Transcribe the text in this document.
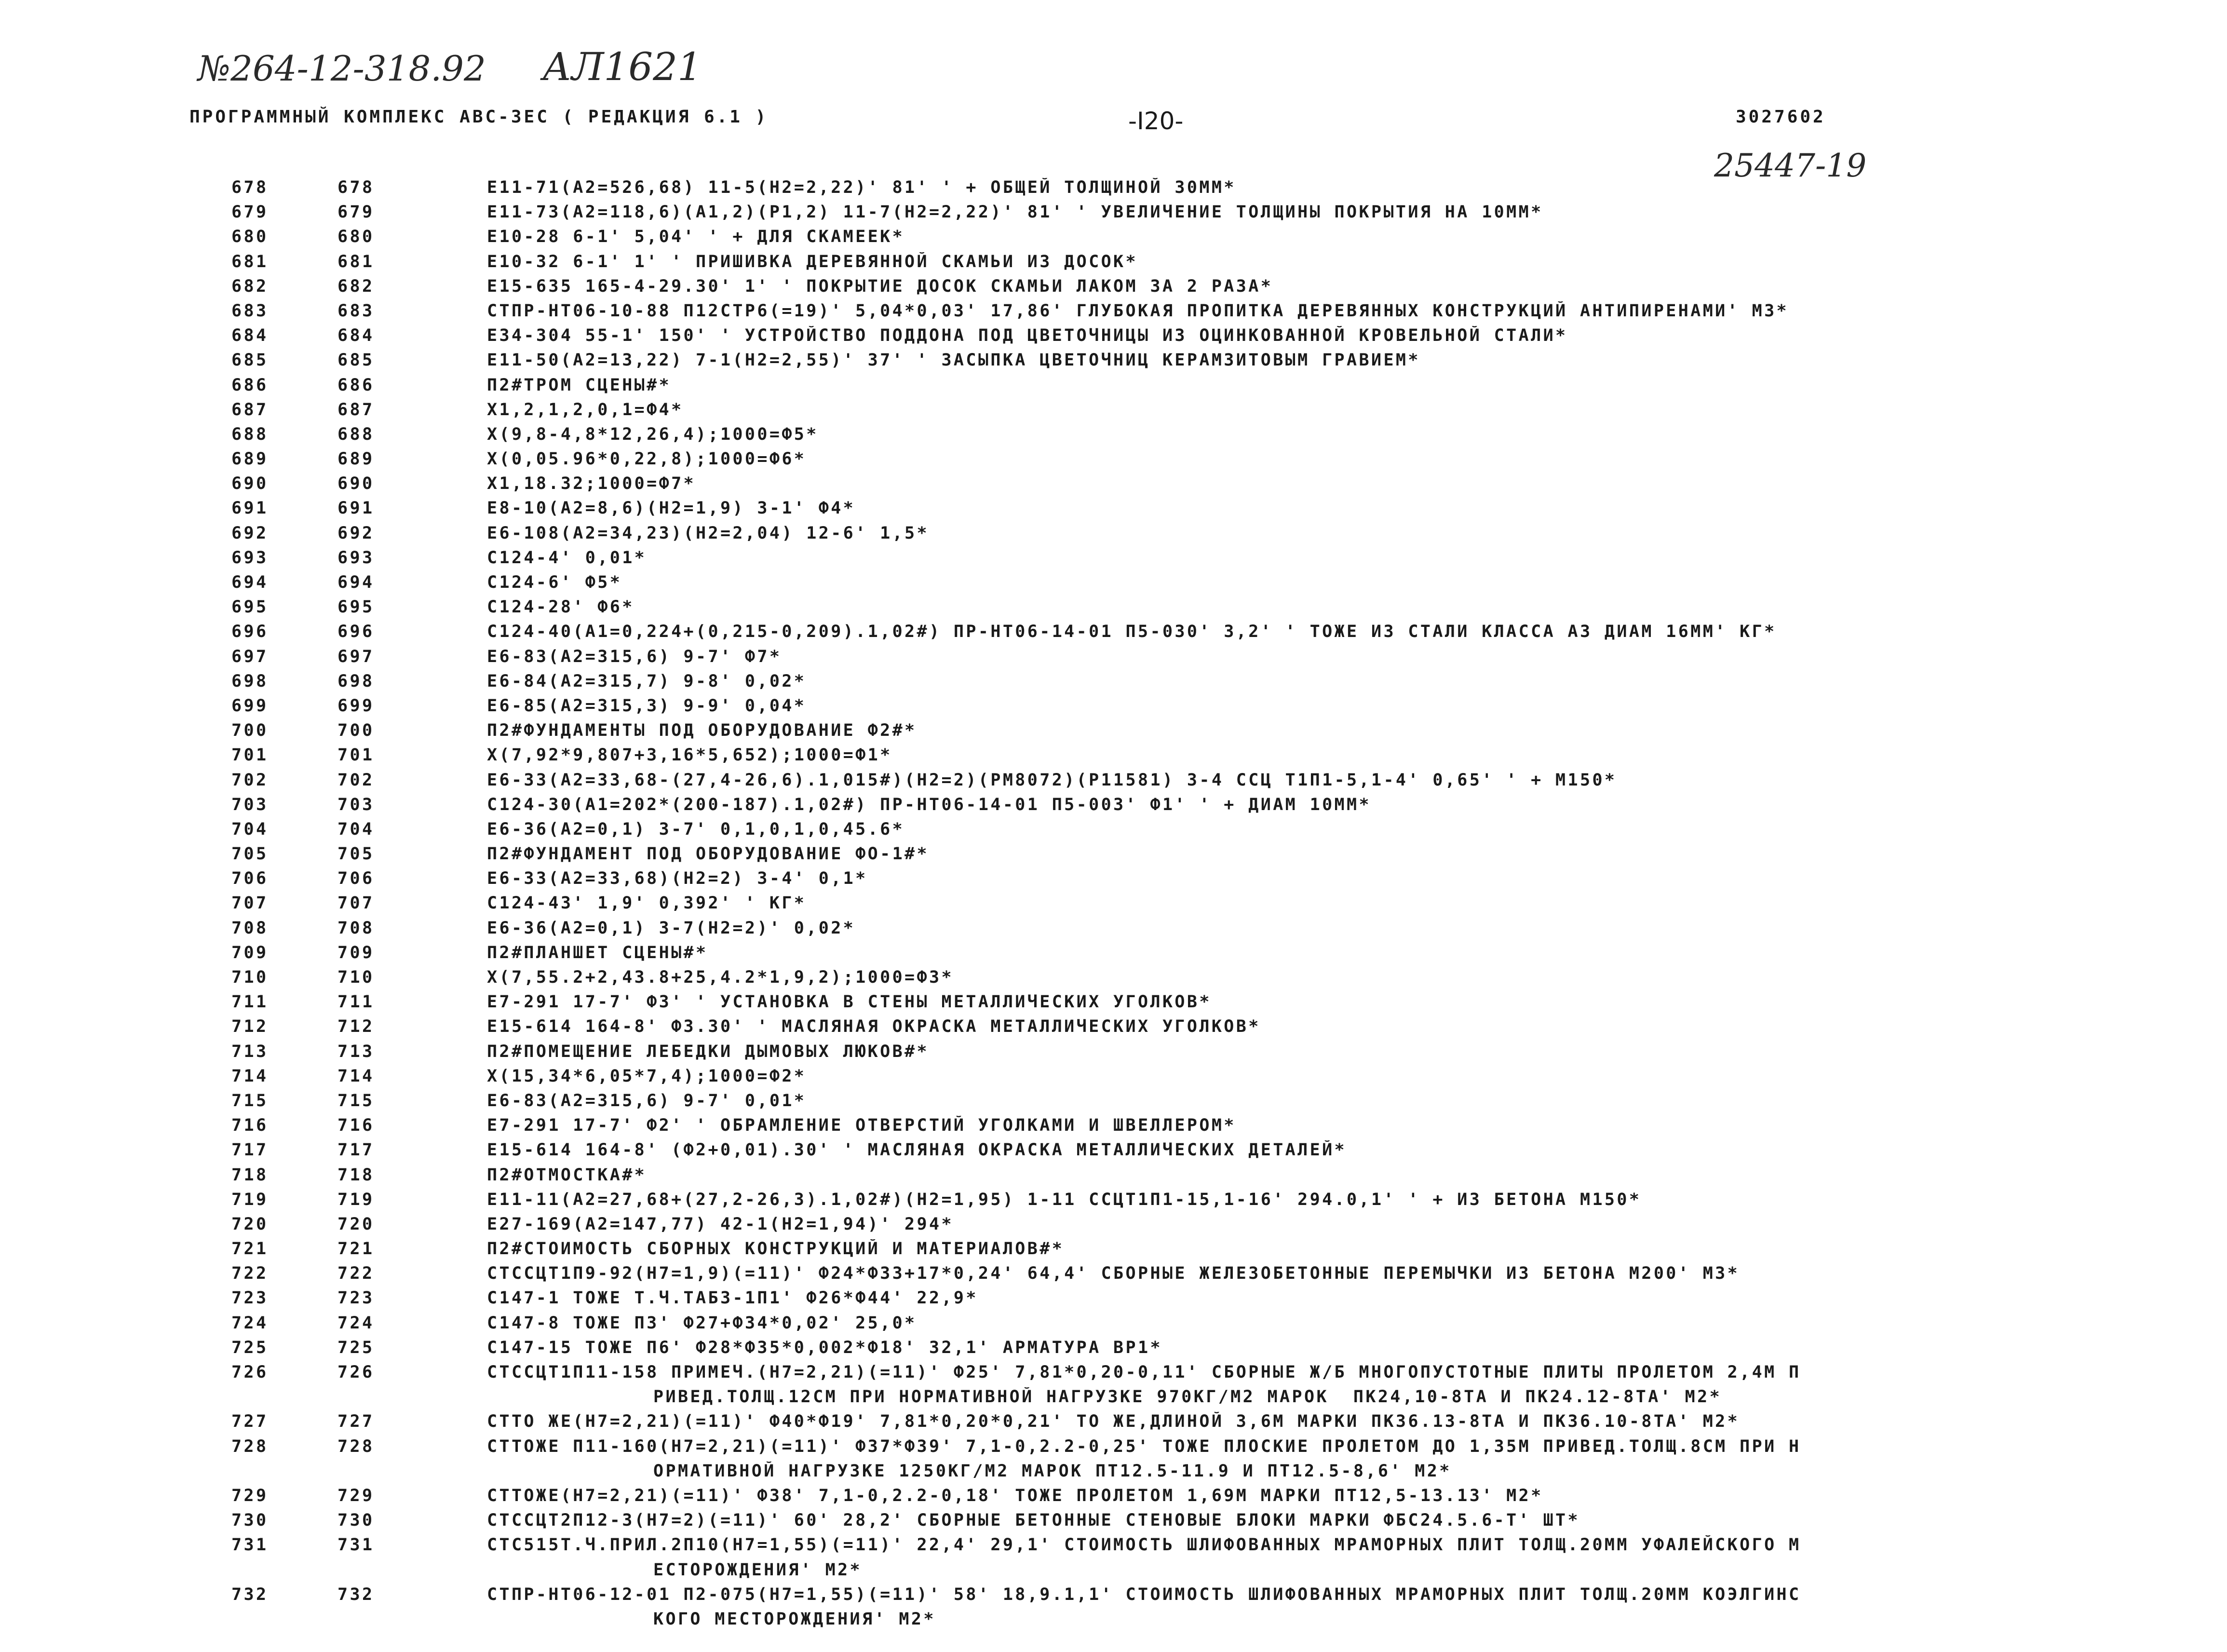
№264-12-318.92 АЛ1621
ПРОГРАММНЫЙ КОМПЛЕКС АВС-ЗЕС ( РЕДАКЦИЯ 6.1 )	-I20-	3027602
25447-19
678	678	Е11-71(А2=526,68) 11-5(Н2=2,22)' 81' ' + ОБЩЕЙ ТОЛЩИНОЙ 30ММ*
679	679	Е11-73(А2=118,6)(А1,2)(Р1,2) 11-7(Н2=2,22)' 81' ' УВЕЛИЧЕНИЕ ТОЛЩИНЫ ПОКРЫТИЯ НА 10ММ*
680	680	Е10-28 6-1' 5,04' ' + ДЛЯ СКАМЕЕК*
681	681	Е10-32 6-1' 1' ' ПРИШИВКА ДЕРЕВЯННОЙ СКАМЬИ ИЗ ДОСОК*
682	682	Е15-635 165-4-29.30' 1' ' ПОКРЫТИЕ ДОСОК СКАМЬИ ЛАКОМ ЗА 2 РАЗА*
683	683	СТПР-НТ06-10-88 П12СТР6(=19)' 5,04*0,03' 17,86' ГЛУБОКАЯ ПРОПИТКА ДЕРЕВЯННЫХ КОНСТРУКЦИЙ АНТИПИРЕНАМИ' М3*
684	684	Е34-304 55-1' 150' ' УСТРОЙСТВО ПОДДОНА ПОД ЦВЕТОЧНИЦЫ ИЗ ОЦИНКОВАННОЙ КРОВЕЛЬНОЙ СТАЛИ*
685	685	Е11-50(А2=13,22) 7-1(Н2=2,55)' 37' ' ЗАСЫПКА ЦВЕТОЧНИЦ КЕРАМЗИТОВЫМ ГРАВИЕМ*
686	686	П2#ТРОМ СЦЕНЫ#*
687	687	Х1,2,1,2,0,1=Ф4*
688	688	Х(9,8-4,8*12,26,4);1000=Ф5*
689	689	Х(0,05.96*0,22,8);1000=Ф6*
690	690	Х1,18.32;1000=Ф7*
691	691	Е8-10(А2=8,6)(Н2=1,9) 3-1' Ф4*
692	692	Е6-108(А2=34,23)(Н2=2,04) 12-6' 1,5*
693	693	С124-4' 0,01*
694	694	С124-6' Ф5*
695	695	С124-28' Ф6*
696	696	С124-40(А1=0,224+(0,215-0,209).1,02#) ПР-НТ06-14-01 П5-030' 3,2' ' ТОЖЕ ИЗ СТАЛИ КЛАССА А3 ДИАМ 16ММ' КГ*
697	697	Е6-83(А2=315,6) 9-7' Ф7*
698	698	Е6-84(А2=315,7) 9-8' 0,02*
699	699	Е6-85(А2=315,3) 9-9' 0,04*
700	700	П2#ФУНДАМЕНТЫ ПОД ОБОРУДОВАНИЕ Ф2#*
701	701	Х(7,92*9,807+3,16*5,652);1000=Ф1*
702	702	Е6-33(А2=33,68-(27,4-26,6).1,015#)(Н2=2)(РМ8072)(Р11581) 3-4 ССЦ Т1П1-5,1-4' 0,65' ' + М150*
703	703	С124-30(А1=202*(200-187).1,02#) ПР-НТ06-14-01 П5-003' Ф1' ' + ДИАМ 10ММ*
704	704	Е6-36(А2=0,1) 3-7' 0,1,0,1,0,45.6*
705	705	П2#ФУНДАМЕНТ ПОД ОБОРУДОВАНИЕ ФО-1#*
706	706	Е6-33(А2=33,68)(Н2=2) 3-4' 0,1*
707	707	С124-43' 1,9' 0,392' ' КГ*
708	708	Е6-36(А2=0,1) 3-7(Н2=2)' 0,02*
709	709	П2#ПЛАНШЕТ СЦЕНЫ#*
710	710	Х(7,55.2+2,43.8+25,4.2*1,9,2);1000=Ф3*
711	711	Е7-291 17-7' Ф3' ' УСТАНОВКА В СТЕНЫ МЕТАЛЛИЧЕСКИХ УГОЛКОВ*
712	712	Е15-614 164-8' Ф3.30' ' МАСЛЯНАЯ ОКРАСКА МЕТАЛЛИЧЕСКИХ УГОЛКОВ*
713	713	П2#ПОМЕЩЕНИЕ ЛЕБЕДКИ ДЫМОВЫХ ЛЮКОВ#*
714	714	Х(15,34*6,05*7,4);1000=Ф2*
715	715	Е6-83(А2=315,6) 9-7' 0,01*
716	716	Е7-291 17-7' Ф2' ' ОБРАМЛЕНИЕ ОТВЕРСТИЙ УГОЛКАМИ И ШВЕЛЛЕРОМ*
717	717	Е15-614 164-8' (Ф2+0,01).30' ' МАСЛЯНАЯ ОКРАСКА МЕТАЛЛИЧЕСКИХ ДЕТАЛЕЙ*
718	718	П2#ОТМОСТКА#*
719	719	Е11-11(А2=27,68+(27,2-26,3).1,02#)(Н2=1,95) 1-11 ССЦТ1П1-15,1-16' 294.0,1' ' + ИЗ БЕТОНА М150*
720	720	Е27-169(А2=147,77) 42-1(Н2=1,94)' 294*
721	721	П2#СТОИМОСТЬ СБОРНЫХ КОНСТРУКЦИЙ И МАТЕРИАЛОВ#*
722	722	СТССЦТ1П9-92(Н7=1,9)(=11)' Ф24*Ф33+17*0,24' 64,4' СБОРНЫЕ ЖЕЛЕЗОБЕТОННЫЕ ПЕРЕМЫЧКИ ИЗ БЕТОНА М200' М3*
723	723	С147-1 ТОЖЕ Т.Ч.ТАБ3-1П1' Ф26*Ф44' 22,9*
724	724	С147-8 ТОЖЕ П3' Ф27+Ф34*0,02' 25,0*
725	725	С147-15 ТОЖЕ П6' Ф28*Ф35*0,002*Ф18' 32,1' АРМАТУРА ВР1*
726	726	СТССЦТ1П11-158 ПРИМЕЧ.(Н7=2,21)(=11)' Ф25' 7,81*0,20-0,11' СБОРНЫЕ Ж/Б МНОГОПУСТОТНЫЕ ПЛИТЫ ПРОЛЕТОМ 2,4М П
РИВЕД.ТОЛЩ.12СМ ПРИ НОРМАТИВНОЙ НАГРУЗКЕ 970КГ/М2 МАРОК  ПК24,10-8ТА И ПК24.12-8ТА' М2*
727	727	СТТО ЖЕ(Н7=2,21)(=11)' Ф40*Ф19' 7,81*0,20*0,21' ТО ЖЕ,ДЛИНОЙ 3,6М МАРКИ ПК36.13-8ТА И ПК36.10-8ТА' М2*
728	728	СТТОЖЕ П11-160(Н7=2,21)(=11)' Ф37*Ф39' 7,1-0,2.2-0,25' ТОЖЕ ПЛОСКИЕ ПРОЛЕТОМ ДО 1,35М ПРИВЕД.ТОЛЩ.8СМ ПРИ Н
ОРМАТИВНОЙ НАГРУЗКЕ 1250КГ/М2 МАРОК ПТ12.5-11.9 И ПТ12.5-8,6' М2*
729	729	СТТОЖЕ(Н7=2,21)(=11)' Ф38' 7,1-0,2.2-0,18' ТОЖЕ ПРОЛЕТОМ 1,69М МАРКИ ПТ12,5-13.13' М2*
730	730	СТССЦТ2П12-3(Н7=2)(=11)' 60' 28,2' СБОРНЫЕ БЕТОННЫЕ СТЕНОВЫЕ БЛОКИ МАРКИ ФБС24.5.6-Т' ШТ*
731	731	СТС515Т.Ч.ПРИЛ.2П10(Н7=1,55)(=11)' 22,4' 29,1' СТОИМОСТЬ ШЛИФОВАННЫХ МРАМОРНЫХ ПЛИТ ТОЛЩ.20ММ УФАЛЕЙСКОГО М
ЕСТОРОЖДЕНИЯ' М2*
732	732	СТПР-НТ06-12-01 П2-075(Н7=1,55)(=11)' 58' 18,9.1,1' СТОИМОСТЬ ШЛИФОВАННЫХ МРАМОРНЫХ ПЛИТ ТОЛЩ.20ММ КОЭЛГИНС
КОГО МЕСТОРОЖДЕНИЯ' М2*
